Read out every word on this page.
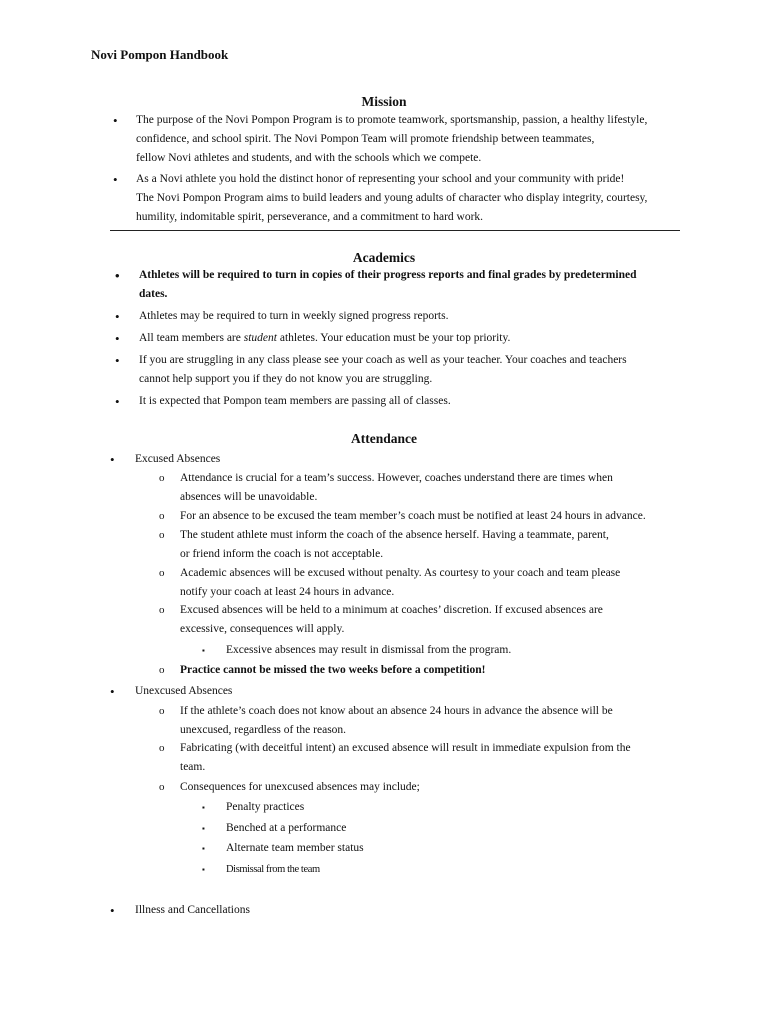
Novi Pompon Handbook
Mission
• The purpose of the Novi Pompon Program is to promote teamwork, sportsmanship, passion, a healthy lifestyle,
confidence, and school spirit. The Novi Pompon Team will promote friendship between teammates,
fellow Novi athletes and students, and with the schools which we compete.
• As a Novi athlete you hold the distinct honor of representing your school and your community with pride!
The Novi Pompon Program aims to build leaders and young adults of character who display integrity, courtesy,
humility, indomitable spirit, perseverance, and a commitment to hard work.
Academics
• Athletes will be required to turn in copies of their progress reports and final grades by predetermined
dates.
• Athletes may be required to turn in weekly signed progress reports.
• All team members are student athletes. Your education must be your top priority.
• If you are struggling in any class please see your coach as well as your teacher. Your coaches and teachers
cannot help support you if they do not know you are struggling.
• It is expected that Pompon team members are passing all of classes.
Attendance
• Excused Absences
o Attendance is crucial for a team’s success. However, coaches understand there are times when
absences will be unavoidable.
o For an absence to be excused the team member’s coach must be notified at least 24 hours in advance.
o The student athlete must inform the coach of the absence herself. Having a teammate, parent,
or friend inform the coach is not acceptable.
o Academic absences will be excused without penalty. As courtesy to your coach and team please
notify your coach at least 24 hours in advance.
o Excused absences will be held to a minimum at coaches’ discretion. If excused absences are
excessive, consequences will apply.
▪ Excessive absences may result in dismissal from the program.
o Practice cannot be missed the two weeks before a competition!
• Unexcused Absences
o If the athlete’s coach does not know about an absence 24 hours in advance the absence will be
unexcused, regardless of the reason.
o Fabricating (with deceitful intent) an excused absence will result in immediate expulsion from the
team.
o Consequences for unexcused absences may include;
▪ Penalty practices
▪ Benched at a performance
▪ Alternate team member status
▪ Dismissal from the team
• Illness and Cancellations
